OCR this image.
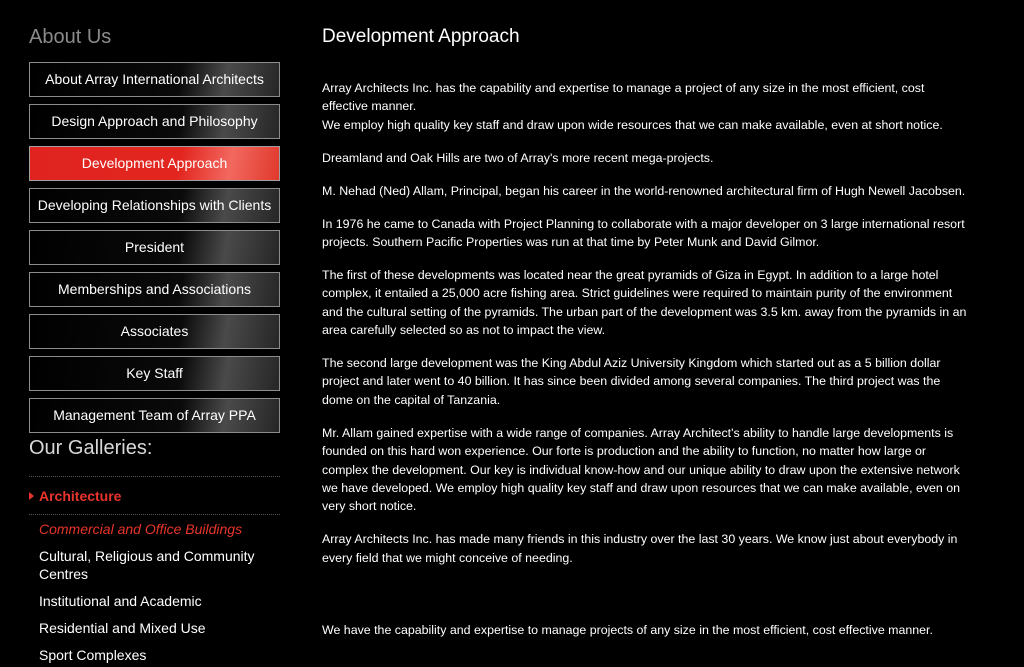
About Us
About Array International Architects
Design Approach and Philosophy
Development Approach
Developing Relationships with Clients
President
Memberships and Associations
Associates
Key Staff
Management Team of Array PPA
Our Galleries:
Architecture
Commercial and Office Buildings
Cultural, Religious and Community Centres
Institutional and Academic
Residential and Mixed Use
Sport Complexes
Development Approach

Array Architects Inc. has the capability and expertise to manage a project of any size in the most efficient, cost
effective manner.
We employ high quality key staff and draw upon wide resources that we can make available, even at short notice.

Dreamland and Oak Hills are two of Array's more recent mega-projects.

M. Nehad (Ned) Allam, Principal, began his career in the world-renowned architectural firm of Hugh Newell Jacobsen.

In 1976 he came to Canada with Project Planning to collaborate with a major developer on 3 large international resort
projects. Southern Pacific Properties was run at that time by Peter Munk and David Gilmor.

The first of these developments was located near the great pyramids of Giza in Egypt. In addition to a large hotel
complex, it entailed a 25,000 acre fishing area. Strict guidelines were required to maintain purity of the environment
and the cultural setting of the pyramids. The urban part of the development was 3.5 km. away from the pyramids in an
area carefully selected so as not to impact the view.

The second large development was the King Abdul Aziz University Kingdom which started out as a 5 billion dollar
project and later went to 40 billion. It has since been divided among several companies. The third project was the
dome on the capital of Tanzania.

Mr. Allam gained expertise with a wide range of companies. Array Architect's ability to handle large developments is
founded on this hard won experience. Our forte is production and the ability to function, no matter how large or
complex the development. Our key is individual know-how and our unique ability to draw upon the extensive network
we have developed. We employ high quality key staff and draw upon resources that we can make available, even on
very short notice.

Array Architects Inc. has made many friends in this industry over the last 30 years. We know just about everybody in
every field that we might conceive of needing.

We have the capability and expertise to manage projects of any size in the most efficient, cost effective manner.
